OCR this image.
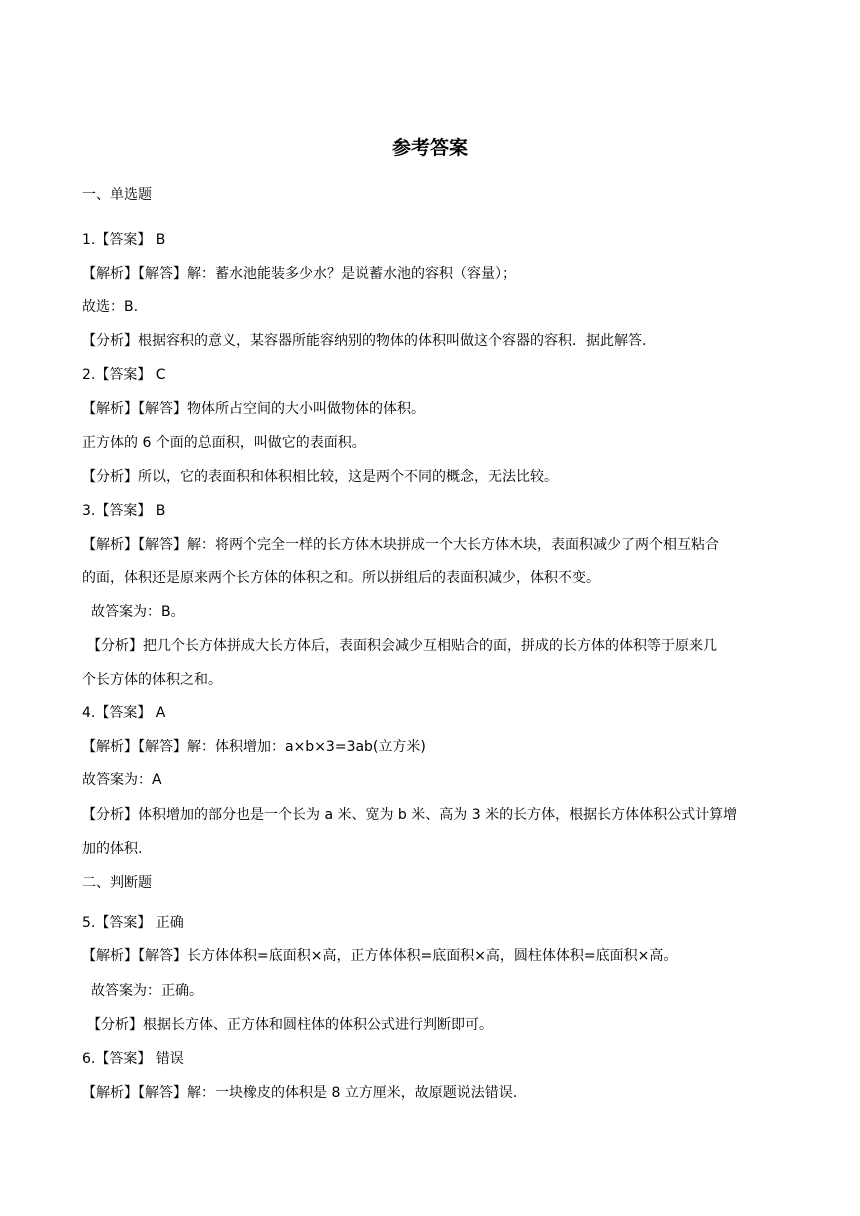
参考答案
一、单选题
1.【答案】 B
【解析】【解答】解：蓄水池能装多少水？是说蓄水池的容积（容量）；
故选：B.
【分析】根据容积的意义，某容器所能容纳别的物体的体积叫做这个容器的容积．据此解答.
2.【答案】 C
【解析】【解答】物体所占空间的大小叫做物体的体积。
正方体的 6 个面的总面积，叫做它的表面积。
【分析】所以，它的表面积和体积相比较，这是两个不同的概念，无法比较。
3.【答案】 B
【解析】【解答】解：将两个完全一样的长方体木块拼成一个大长方体木块，表面积减少了两个相互粘合
的面，体积还是原来两个长方体的体积之和。所以拼组后的表面积减少，体积不变。
故答案为：B。
【分析】把几个长方体拼成大长方体后，表面积会减少互相贴合的面，拼成的长方体的体积等于原来几
个长方体的体积之和。
4.【答案】 A
【解析】【解答】解：体积增加：a×b×3=3ab(立方米)
故答案为：A
【分析】体积增加的部分也是一个长为 a 米、宽为 b 米、高为 3 米的长方体，根据长方体体积公式计算增
加的体积.
二、判断题
5.【答案】 正确
【解析】【解答】长方体体积=底面积×高，正方体体积=底面积×高，圆柱体体积=底面积×高。
故答案为：正确。
【分析】根据长方体、正方体和圆柱体的体积公式进行判断即可。
6.【答案】 错误
【解析】【解答】解：一块橡皮的体积是 8 立方厘米，故原题说法错误.
